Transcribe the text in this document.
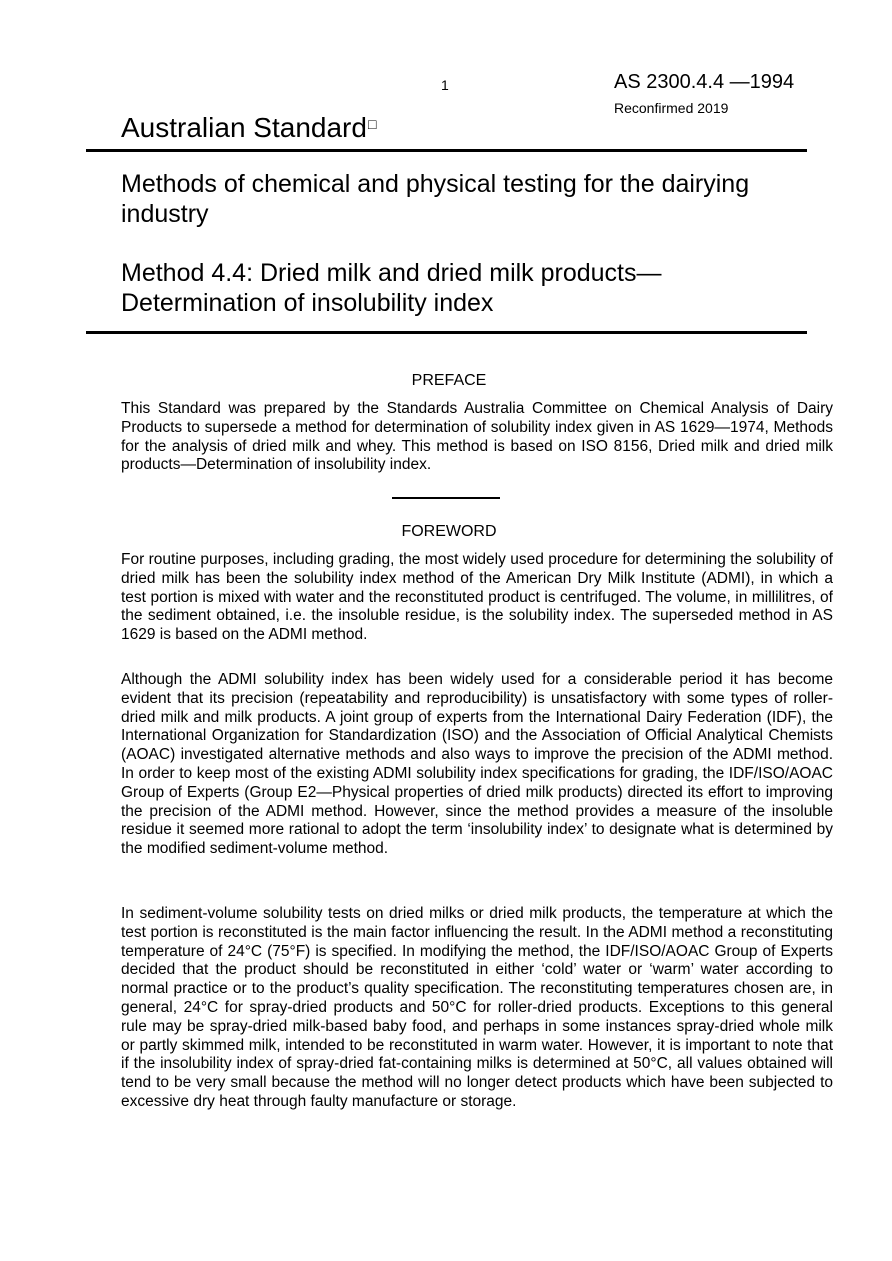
1	AS 2300.4.4 —1994
Reconfirmed 2019
Australian Standard□
Methods of chemical and physical testing for the dairying industry
Method 4.4: Dried milk and dried milk products—Determination of insolubility index
PREFACE

This Standard was prepared by the Standards Australia Committee on Chemical Analysis of Dairy Products to supersede a method for determination of solubility index given in AS 1629—1974, Methods for the analysis of dried milk and whey. This method is based on ISO 8156, Dried milk and dried milk products—Determination of insolubility index.

FOREWORD

For routine purposes, including grading, the most widely used procedure for determining the solubility of dried milk has been the solubility index method of the American Dry Milk Institute (ADMI), in which a test portion is mixed with water and the reconstituted product is centrifuged. The volume, in millilitres, of the sediment obtained, i.e. the insoluble residue, is the solubility index. The superseded method in AS 1629 is based on the ADMI method.

Although the ADMI solubility index has been widely used for a considerable period it has become evident that its precision (repeatability and reproducibility) is unsatisfactory with some types of roller-dried milk and milk products. A joint group of experts from the International Dairy Federation (IDF), the International Organization for Standardization (ISO) and the Association of Official Analytical Chemists (AOAC) investigated alternative methods and also ways to improve the precision of the ADMI method. In order to keep most of the existing ADMI solubility index specifications for grading, the IDF/ISO/AOAC Group of Experts (Group E2—Physical properties of dried milk products) directed its effort to improving the precision of the ADMI method. However, since the method provides a measure of the insoluble residue it seemed more rational to adopt the term ‘insolubility index’ to designate what is determined by the modified sediment-volume method.

In sediment-volume solubility tests on dried milks or dried milk products, the temperature at which the test portion is reconstituted is the main factor influencing the result. In the ADMI method a reconstituting temperature of 24°C (75°F) is specified. In modifying the method, the IDF/ISO/AOAC Group of Experts decided that the product should be reconstituted in either ‘cold’ water or ‘warm’ water according to normal practice or to the product’s quality specification. The reconstituting temperatures chosen are, in general, 24°C for spray-dried products and 50°C for roller-dried products. Exceptions to this general rule may be spray-dried milk-based baby food, and perhaps in some instances spray-dried whole milk or partly skimmed milk, intended to be reconstituted in warm water. However, it is important to note that if the insolubility index of spray-dried fat-containing milks is determined at 50°C, all values obtained will tend to be very small because the method will no longer detect products which have been subjected to excessive dry heat through faulty manufacture or storage.
